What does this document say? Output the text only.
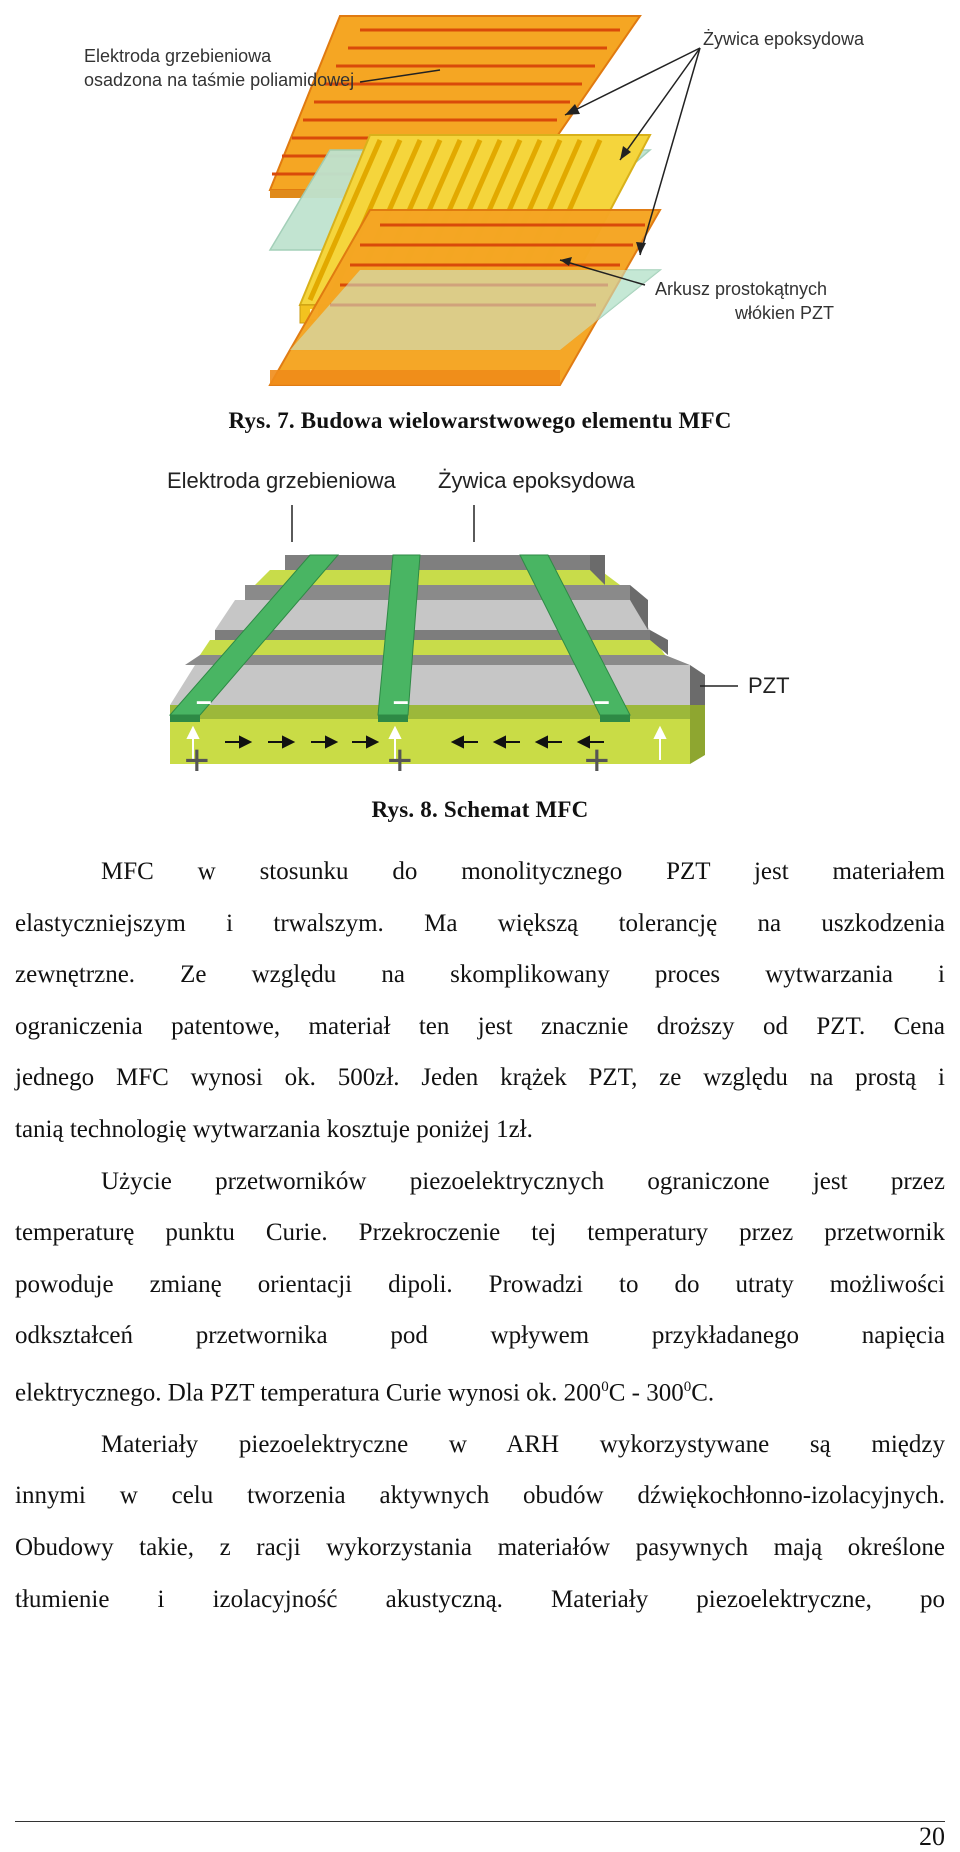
Elektroda grzebieniowa
osadzona na taśmie poliamidowej
Żywica epoksydowa
Arkusz prostokątnych
włókien PZT
Rys. 7. Budowa wielowarstwowego elementu MFC
Elektroda grzebieniowa Żywica epoksydowa
–	–	–	PZT
+	+	+
Rys. 8. Schemat MFC
MFC w stosunku do monolitycznego PZT jest materiałem
elastyczniejszym i trwalszym. Ma większą tolerancję na uszkodzenia
zewnętrzne. Ze względu na skomplikowany proces wytwarzania i
ograniczenia patentowe, materiał ten jest znacznie droższy od PZT. Cena
jednego MFC wynosi ok. 500zł. Jeden krążek PZT, ze względu na prostą i
tanią technologię wytwarzania kosztuje poniżej 1zł.
Użycie przetworników piezoelektrycznych ograniczone jest przez
temperaturę punktu Curie. Przekroczenie tej temperatury przez przetwornik
powoduje zmianę orientacji dipoli. Prowadzi to do utraty możliwości
odkształceń przetwornika pod wpływem przykładanego napięcia
elektrycznego. Dla PZT temperatura Curie wynosi ok. $200^0C - 300^0C$.
Materiały piezoelektryczne w ARH wykorzystywane są między
innymi w celu tworzenia aktywnych obudów dźwiękochłonno-izolacyjnych.
Obudowy takie, z racji wykorzystania materiałów pasywnych mają określone
tłumienie i izolacyjność akustyczną. Materiały piezoelektryczne, po
20
